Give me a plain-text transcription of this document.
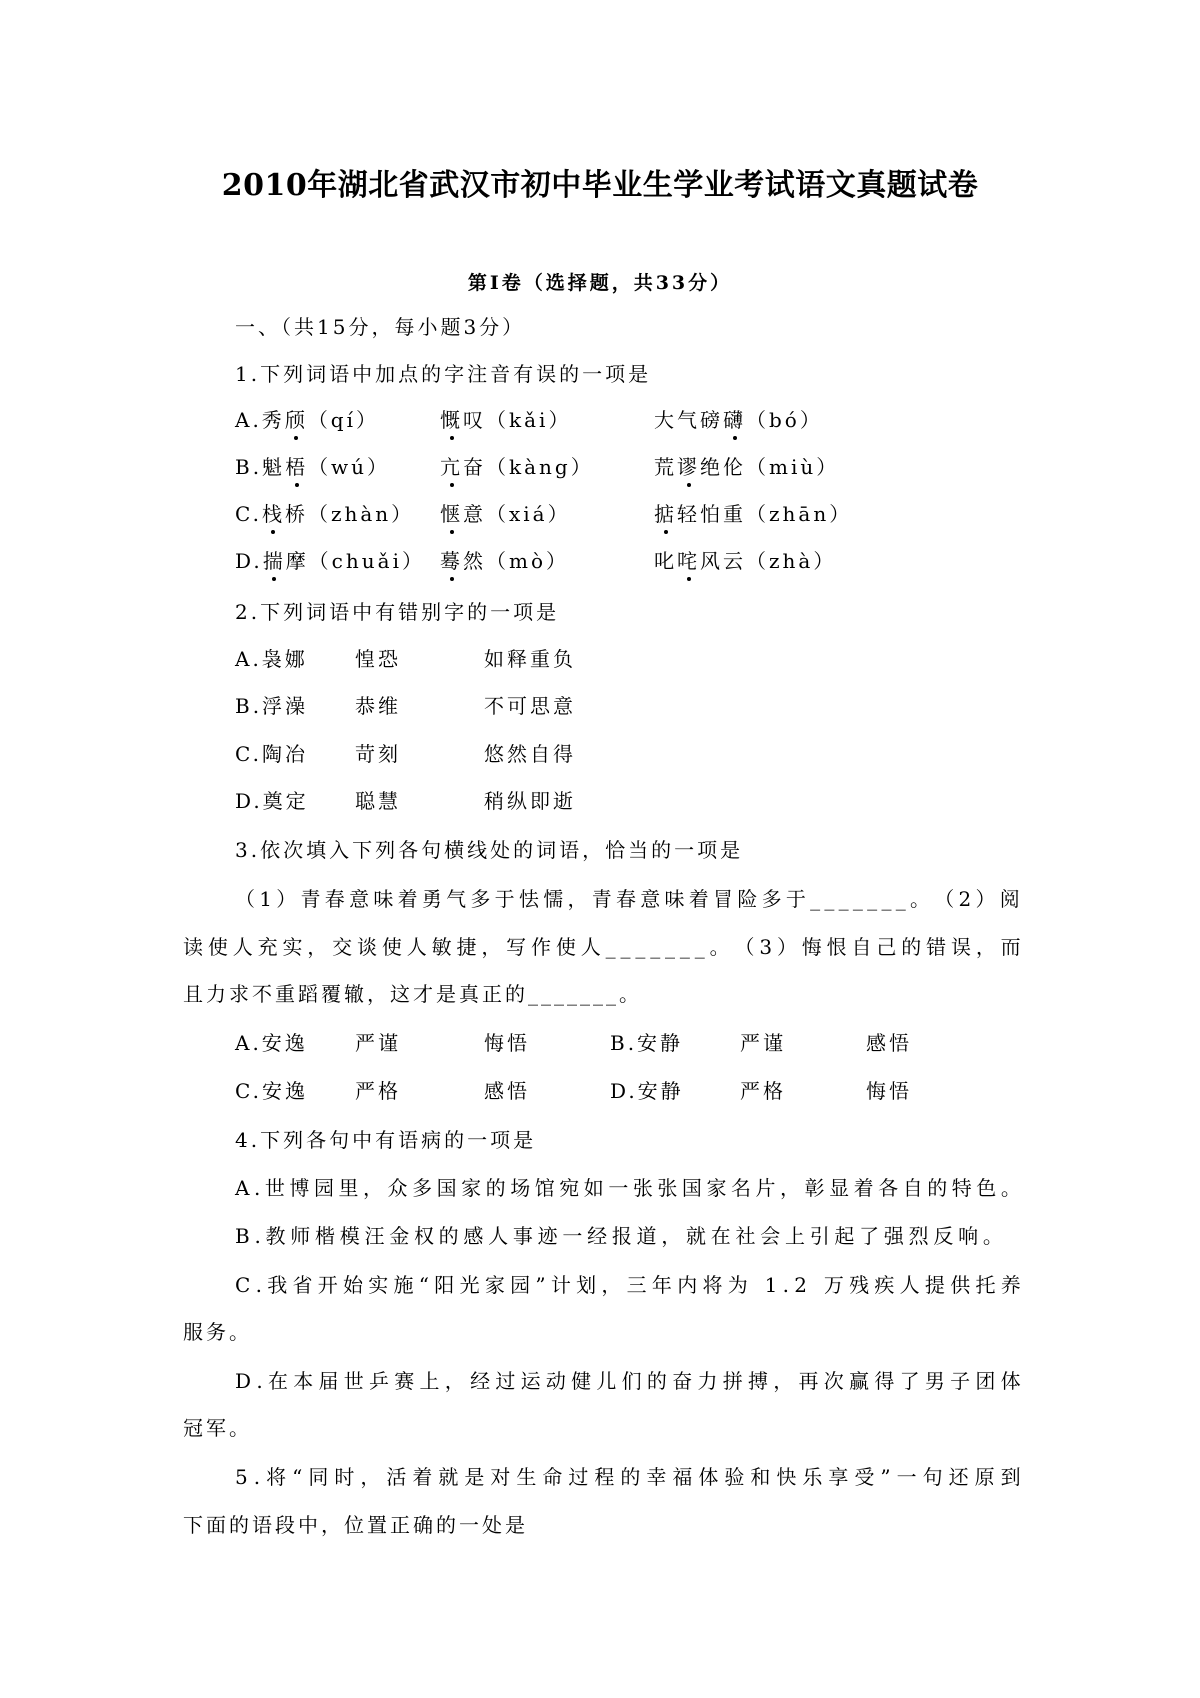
2010年湖北省武汉市初中毕业生学业考试语文真题试卷
第Ⅰ卷（选择题，共33分）
一、（共15分，每小题3分）
1.下列词语中加点的字注音有误的一项是
A.秀颀（qí）	慨叹（kǎi）	大气磅礴（bó）
B.魁梧（wú） 亢奋（kàng）	荒谬绝伦（miù）
C.栈桥（zhàn） 惬意（xiá）	掂轻怕重（zhān）
D.揣摩（chuǎi） 蓦然（mò）	叱咤风云（zhà）
2.下列词语中有错别字的一项是
A.袅娜 惶恐	如释重负
B.浮澡 恭维	不可思意
C.陶冶 苛刻	悠然自得
D.奠定 聪慧	稍纵即逝
3.依次填入下列各句横线处的词语，恰当的一项是
（ 1 ） 青 春 意 味 着 勇 气 多 于 怯 懦 ， 青 春 意 味 着 冒 险 多 于 _ _ _ _ _ _ _ 。 （ 2 ） 阅
读 使 人 充 实 ， 交 谈 使 人 敏 捷 ， 写 作 使 人 _ _ _ _ _ _ _ 。 （ 3 ） 悔 恨 自 己 的 错 误 ， 而
且力求不重蹈覆辙，这才是真正的_______。
A.安逸 严谨	悔悟	B.安静	严谨	感悟
C.安逸 严格	感悟	D.安静	严格	悔悟
4.下列各句中有语病的一项是
A . 世 博 园 里 ， 众 多 国 家 的 场 馆 宛 如 一 张 张 国 家 名 片 ， 彰 显 着 各 自 的 特 色 。
B . 教 师 楷 模 汪 金 权 的 感 人 事 迹 一 经 报 道 ， 就 在 社 会 上 引 起 了 强 烈 反 响 。
C . 我 省 开 始 实 施 “ 阳 光 家 园 ” 计 划 ， 三 年 内 将 为
1 . 2
万 残 疾 人 提 供 托 养
服务。
D . 在 本 届 世 乒 赛 上 ， 经 过 运 动 健 儿 们 的 奋 力 拼 搏 ， 再 次 赢 得 了 男 子 团 体
冠军。
5 . 将 “ 同 时 ， 活 着 就 是 对 生 命 过 程 的 幸 福 体 验 和 快 乐 享 受 ” 一 句 还 原 到
下面的语段中，位置正确的一处是
